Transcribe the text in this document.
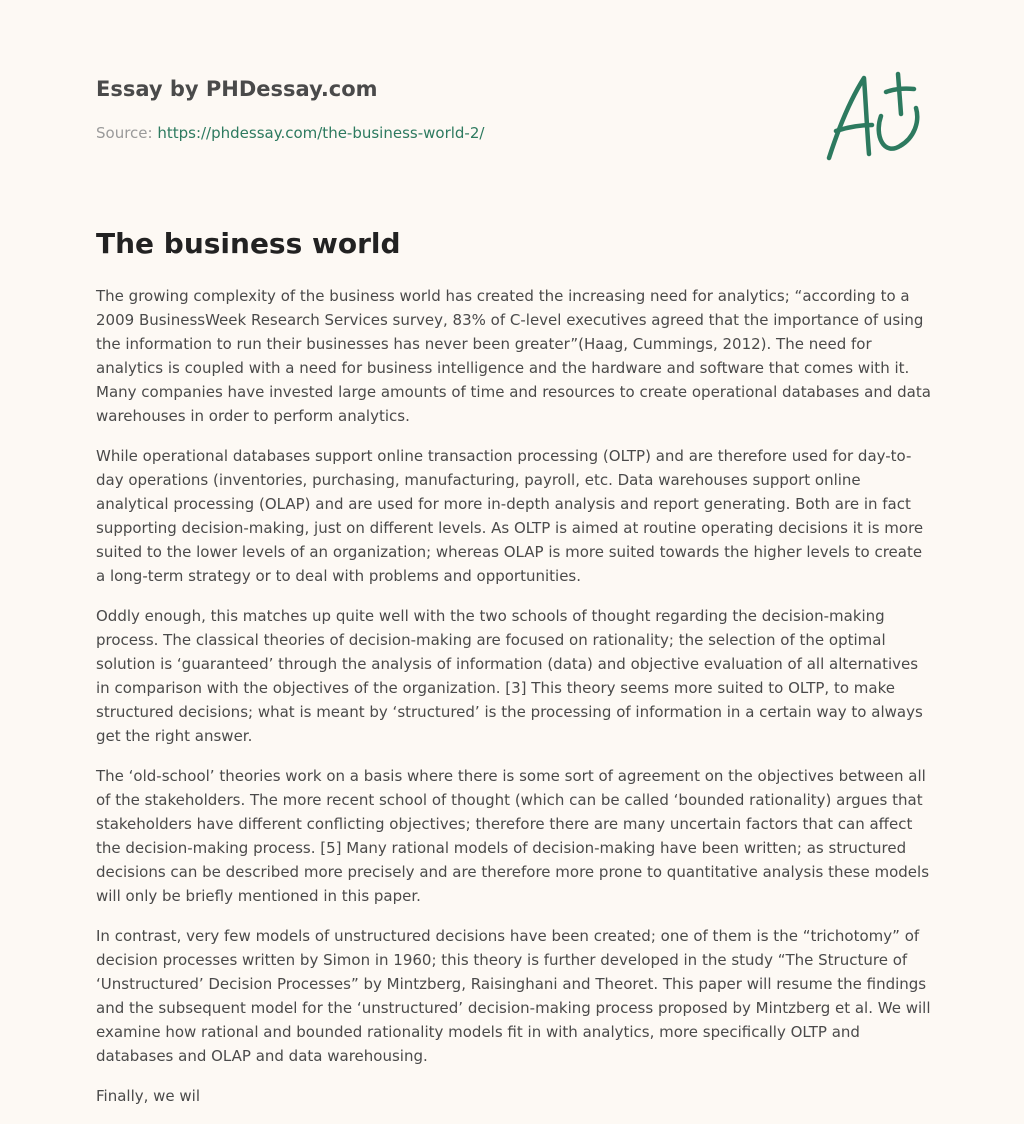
Essay by PHDessay.com
Source: https://phdessay.com/the-business-world-2/
The business world

The growing complexity of the business world has created the increasing need for analytics; “according to a 2009 BusinessWeek Research Services survey, 83% of C-level executives agreed that the importance of using the information to run their businesses has never been greater”(Haag, Cummings, 2012). The need for analytics is coupled with a need for business intelligence and the hardware and software that comes with it. Many companies have invested large amounts of time and resources to create operational databases and data warehouses in order to perform analytics.

While operational databases support online transaction processing (OLTP) and are therefore used for day-to-day operations (inventories, purchasing, manufacturing, payroll, etc. Data warehouses support online analytical processing (OLAP) and are used for more in-depth analysis and report generating. Both are in fact supporting decision-making, just on different levels. As OLTP is aimed at routine operating decisions it is more suited to the lower levels of an organization; whereas OLAP is more suited towards the higher levels to create a long-term strategy or to deal with problems and opportunities.

Oddly enough, this matches up quite well with the two schools of thought regarding the decision-making process. The classical theories of decision-making are focused on rationality; the selection of the optimal solution is ‘guaranteed’ through the analysis of information (data) and objective evaluation of all alternatives in comparison with the objectives of the organization. [3] This theory seems more suited to OLTP, to make structured decisions; what is meant by ‘structured’ is the processing of information in a certain way to always get the right answer.

The ‘old-school’ theories work on a basis where there is some sort of agreement on the objectives between all of the stakeholders. The more recent school of thought (which can be called ‘bounded rationality) argues that stakeholders have different conflicting objectives; therefore there are many uncertain factors that can affect the decision-making process. [5] Many rational models of decision-making have been written; as structured decisions can be described more precisely and are therefore more prone to quantitative analysis these models will only be briefly mentioned in this paper.

In contrast, very few models of unstructured decisions have been created; one of them is the “trichotomy” of decision processes written by Simon in 1960; this theory is further developed in the study “The Structure of ‘Unstructured’ Decision Processes” by Mintzberg, Raisinghani and Theoret. This paper will resume the findings and the subsequent model for the ‘unstructured’ decision-making process proposed by Mintzberg et al. We will examine how rational and bounded rationality models fit in with analytics, more specifically OLTP and databases and OLAP and data warehousing.

Finally, we wil
